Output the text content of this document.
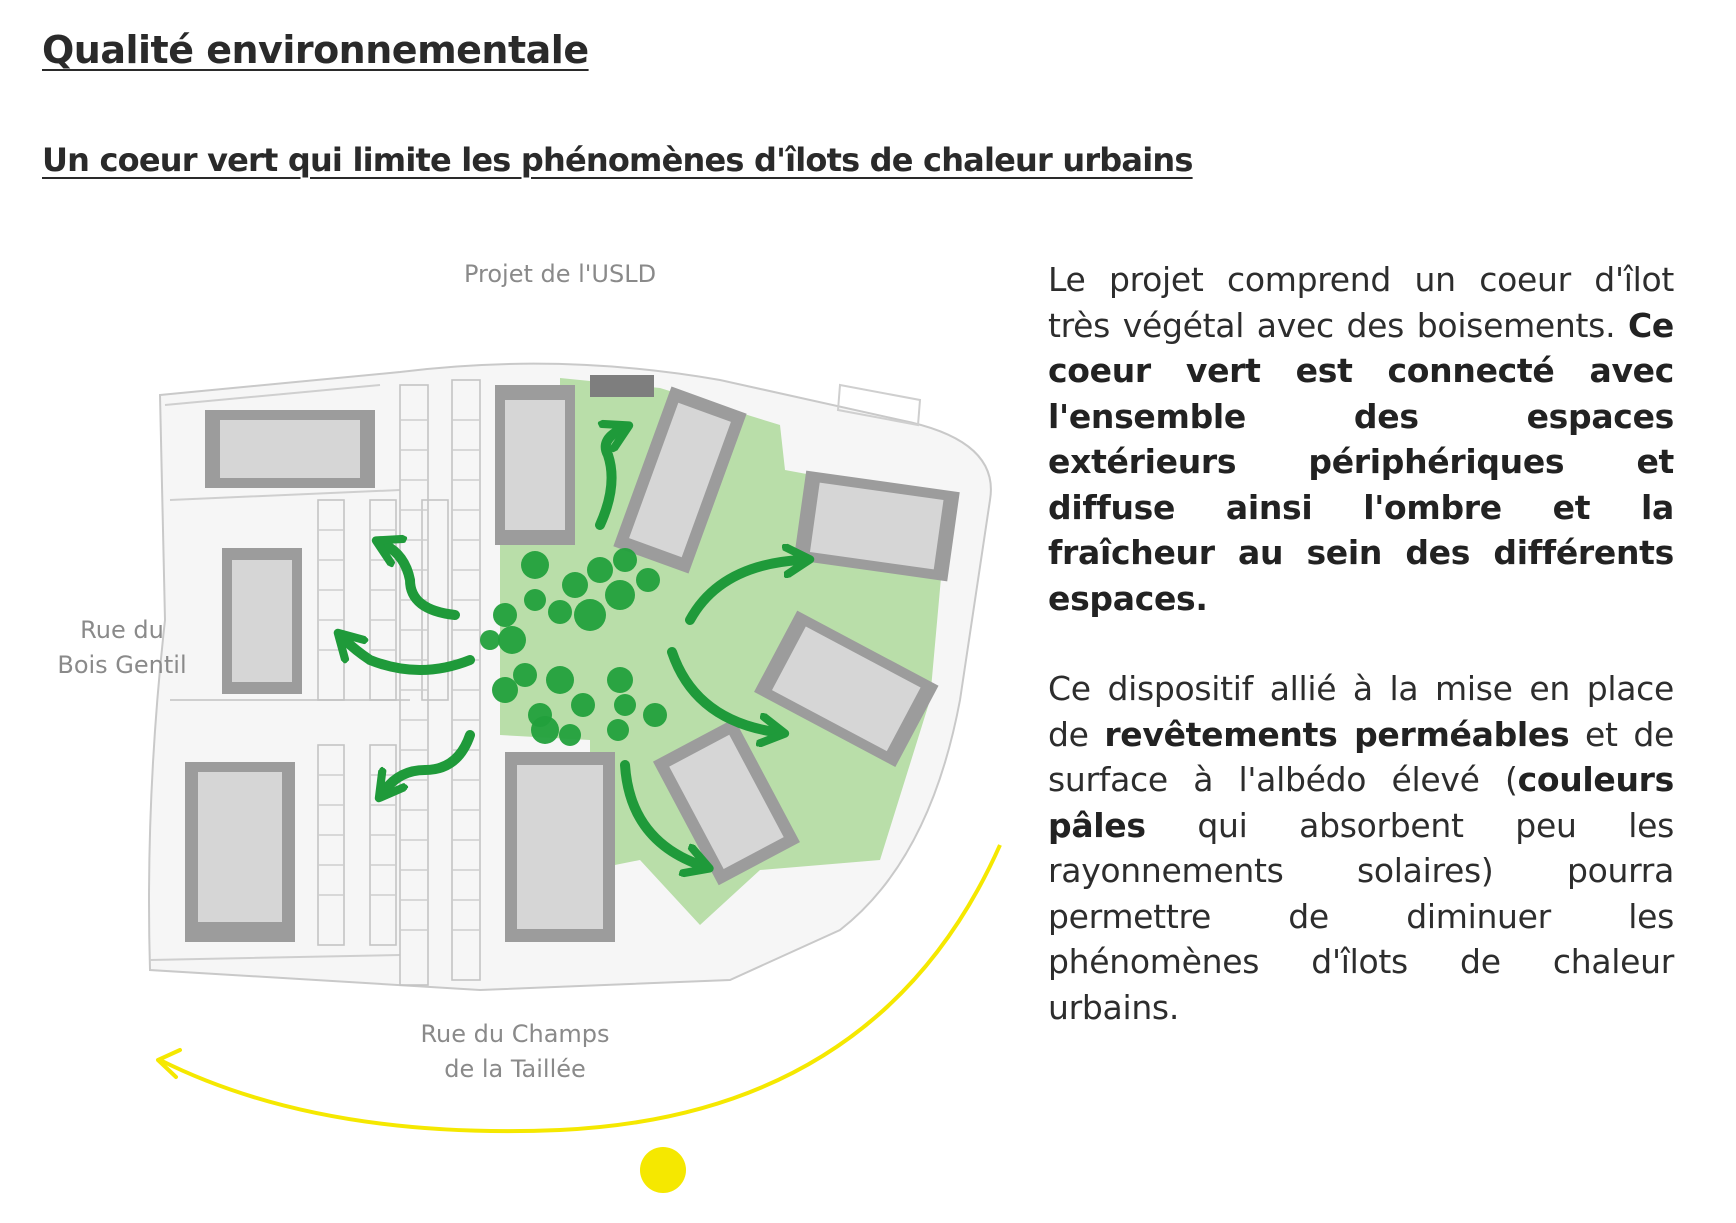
Qualité environnementale
Un coeur vert qui limite les phénomènes d'îlots de chaleur urbains
Projet de l'USLD
Rue du
Bois Gentil
Rue du Champs
de la Taillée

Le projet comprend un coeur d'îlot très végétal avec des boisements. Ce coeur vert est connecté avec l'ensemble des espaces extérieurs périphériques et diffuse ainsi l'ombre et la fraîcheur au sein des différents espaces.

Ce dispositif allié à la mise en place de revêtements perméables et de surface à l'albédo élevé (couleurs pâles qui absorbent peu les rayonnements solaires) pourra permettre de diminuer les phénomènes d'îlots de chaleur urbains.
